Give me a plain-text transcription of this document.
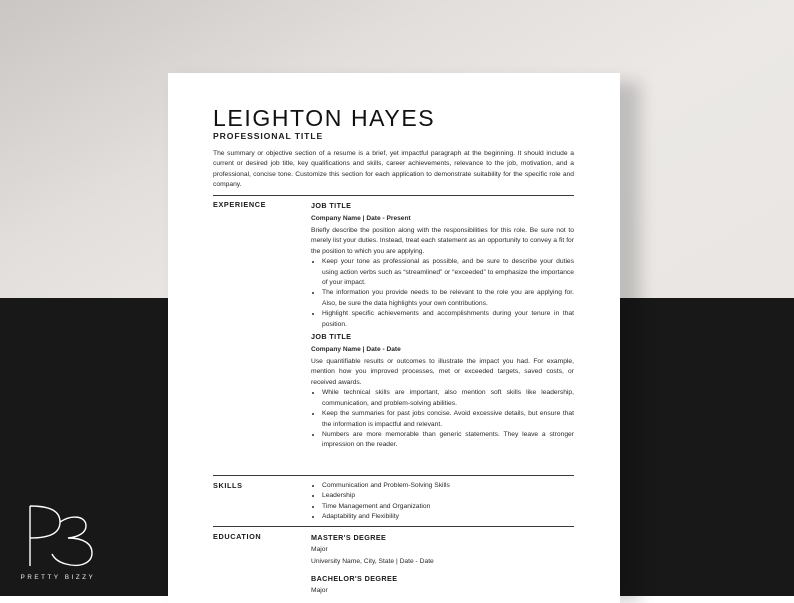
LEIGHTON HAYES
PROFESSIONAL TITLE
The summary or objective section of a resume is a brief, yet impactful paragraph at the beginning. It should include a current or desired job title, key qualifications and skills, career achievements, relevance to the job, motivation, and a professional, concise tone. Customize this section for each application to demonstrate suitability for the specific role and company.
EXPERIENCE	JOB TITLE
Company Name | Date - Present
Briefly describe the position along with the responsibilities for this role. Be sure not to merely list your duties. Instead, treat each statement as an opportunity to convey a fit for the position to which you are applying.
• Keep your tone as professional as possible, and be sure to describe your duties using action verbs such as “streamlined” or “exceeded” to emphasize the importance of your impact.
• The information you provide needs to be relevant to the role you are applying for. Also, be sure the data highlights your own contributions.
• Highlight specific achievements and accomplishments during your tenure in that position.
JOB TITLE
Company Name | Date - Date
Use quantifiable results or outcomes to illustrate the impact you had. For example, mention how you improved processes, met or exceeded targets, saved costs, or received awards.
• While technical skills are important, also mention soft skills like leadership, communication, and problem-solving abilities.
• Keep the summaries for past jobs concise. Avoid excessive details, but ensure that the information is impactful and relevant.
• Numbers are more memorable than generic statements. They leave a stronger impression on the reader.
SKILLS
•	Communication and Problem-Solving Skills
• Leadership
• Time Management and Organization
• Adaptability and Flexibility
EDUCATION	MASTER'S DEGREE
Major
University Name, City, State | Date - Date
BACHELOR'S DEGREE
Major
PRETTY BIZZY
